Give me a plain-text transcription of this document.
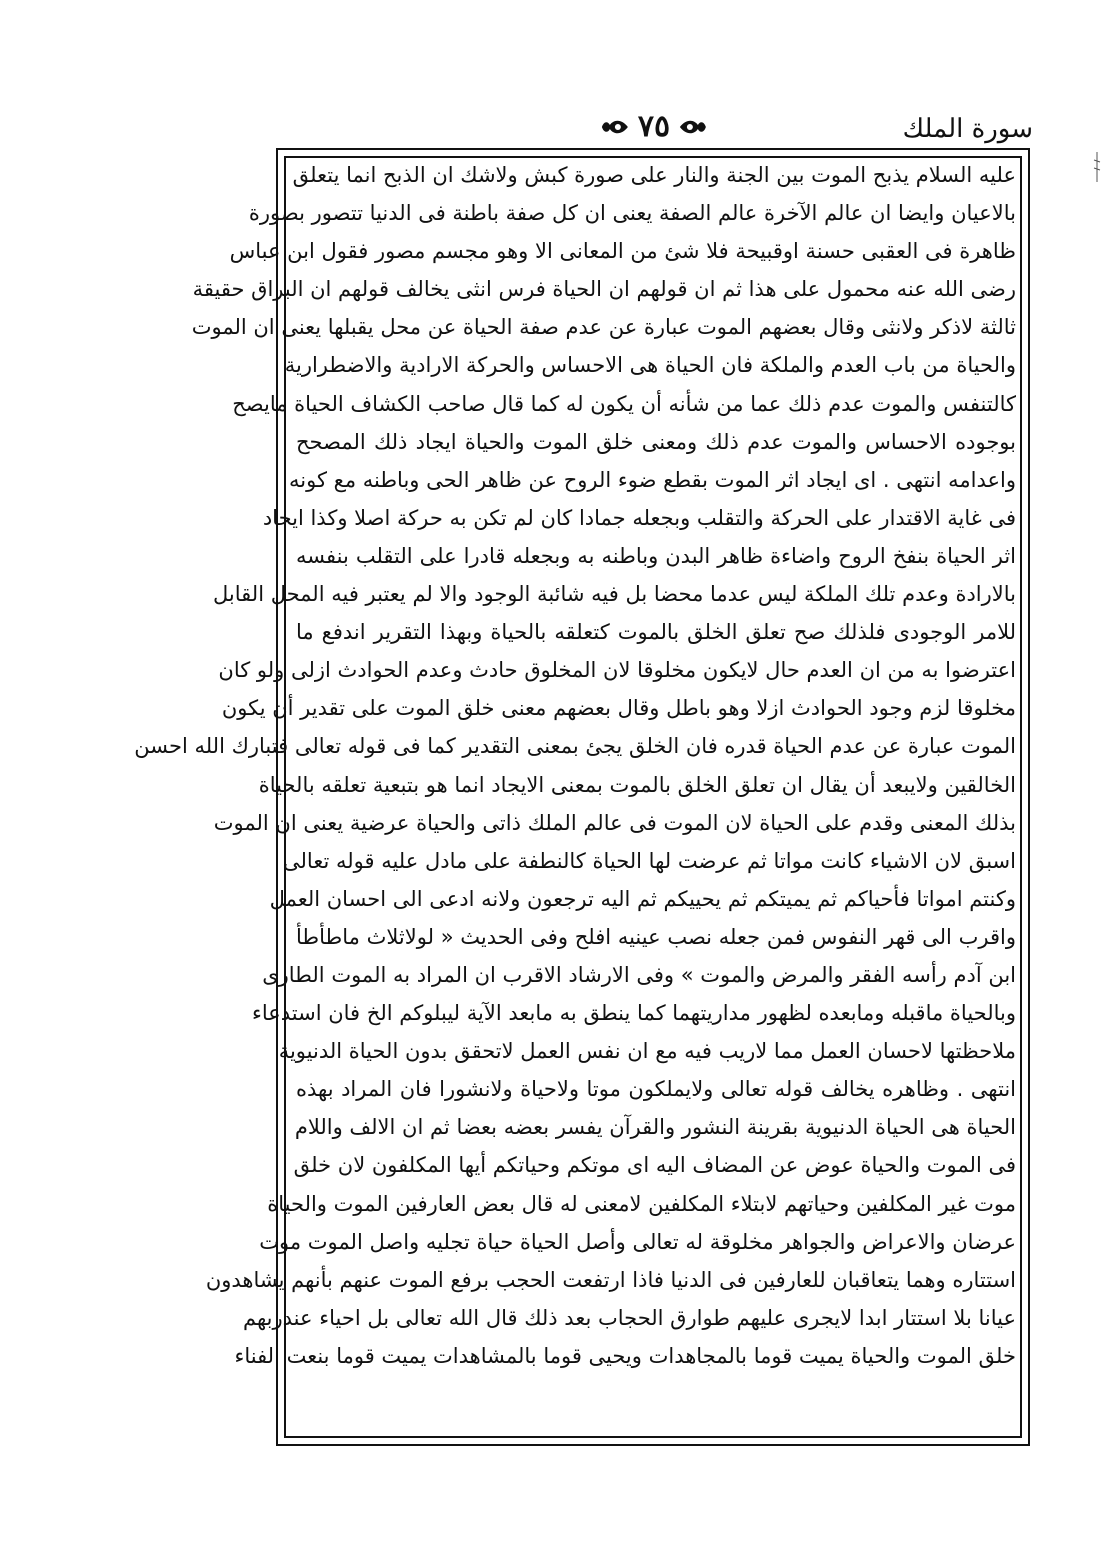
سورة الملك
٧٥
عليه السلام يذبح الموت بين الجنة والنار على صورة كبش ولاشك ان الذبح انما يتعلق
بالاعيان وايضا ان عالم الآخرة عالم الصفة يعنى ان كل صفة باطنة فى الدنيا تتصور بصورة
ظاهرة فى العقبى حسنة اوقبيحة فلا شئ من المعانى الا وهو مجسم مصور فقول ابن عباس
رضى الله عنه محمول على هذا ثم ان قولهم ان الحياة فرس انثى يخالف قولهم ان البراق حقيقة
ثالثة لاذكر ولانثى وقال بعضهم الموت عبارة عن عدم صفة الحياة عن محل يقبلها يعنى ان الموت
والحياة من باب العدم والملكة فان الحياة هى الاحساس والحركة الارادية والاضطرارية
كالتنفس والموت عدم ذلك عما من شأنه أن يكون له كما قال صاحب الكشاف الحياة مايصح
بوجوده الاحساس والموت عدم ذلك ومعنى خلق الموت والحياة ايجاد ذلك المصحح
واعدامه انتهى . اى ايجاد اثر الموت بقطع ضوء الروح عن ظاهر الحى وباطنه مع كونه
فى غاية الاقتدار على الحركة والتقلب وبجعله جمادا كان لم تكن به حركة اصلا وكذا ايجاد
اثر الحياة بنفخ الروح واضاءة ظاهر البدن وباطنه به وبجعله قادرا على التقلب بنفسه
بالارادة وعدم تلك الملكة ليس عدما محضا بل فيه شائبة الوجود والا لم يعتبر فيه المحل القابل
للامر الوجودى فلذلك صح تعلق الخلق بالموت كتعلقه بالحياة وبهذا التقرير اندفع ما
اعترضوا به من ان العدم حال لايكون مخلوقا لان المخلوق حادث وعدم الحوادث ازلى ولو كان
مخلوقا لزم وجود الحوادث ازلا وهو باطل وقال بعضهم معنى خلق الموت على تقدير أن يكون
الموت عبارة عن عدم الحياة قدره فان الخلق يجئ بمعنى التقدير كما فى قوله تعالى فتبارك الله احسن
الخالقين ولايبعد أن يقال ان تعلق الخلق بالموت بمعنى الايجاد انما هو بتبعية تعلقه بالحياة
بذلك المعنى وقدم على الحياة لان الموت فى عالم الملك ذاتى والحياة عرضية يعنى ان الموت
اسبق لان الاشياء كانت مواتا ثم عرضت لها الحياة كالنطفة على مادل عليه قوله تعالى
وكنتم امواتا فأحياكم ثم يميتكم ثم يحييكم ثم اليه ترجعون ولانه ادعى الى احسان العمل
واقرب الى قهر النفوس فمن جعله نصب عينيه افلح وفى الحديث « لولاثلاث ماطأطأ
ابن آدم رأسه الفقر والمرض والموت » وفى الارشاد الاقرب ان المراد به الموت الطارى
وبالحياة ماقبله ومابعده لظهور مداريتهما كما ينطق به مابعد الآية ليبلوكم الخ فان استدعاء
ملاحظتها لاحسان العمل مما لاريب فيه مع ان نفس العمل لاتحقق بدون الحياة الدنيوية
انتهى . وظاهره يخالف قوله تعالى ولايملكون موتا ولاحياة ولانشورا فان المراد بهذه
الحياة هى الحياة الدنيوية بقرينة النشور والقرآن يفسر بعضه بعضا ثم ان الالف واللام
فى الموت والحياة عوض عن المضاف اليه اى موتكم وحياتكم أيها المكلفون لان خلق
موت غير المكلفين وحياتهم لابتلاء المكلفين لامعنى له قال بعض العارفين الموت والحياة
عرضان والاعراض والجواهر مخلوقة له تعالى وأصل الحياة حياة تجليه واصل الموت موت
استتاره وهما يتعاقبان للعارفين فى الدنيا فاذا ارتفعت الحجب برفع الموت عنهم بأنهم يشاهدون
عيانا بلا استتار ابدا لايجرى عليهم طوارق الحجاب بعد ذلك قال الله تعالى بل احياء عندربهم
خلق الموت والحياة يميت قوما بالمجاهدات ويحيى قوما بالمشاهدات يميت قوما بنعت الفناء
